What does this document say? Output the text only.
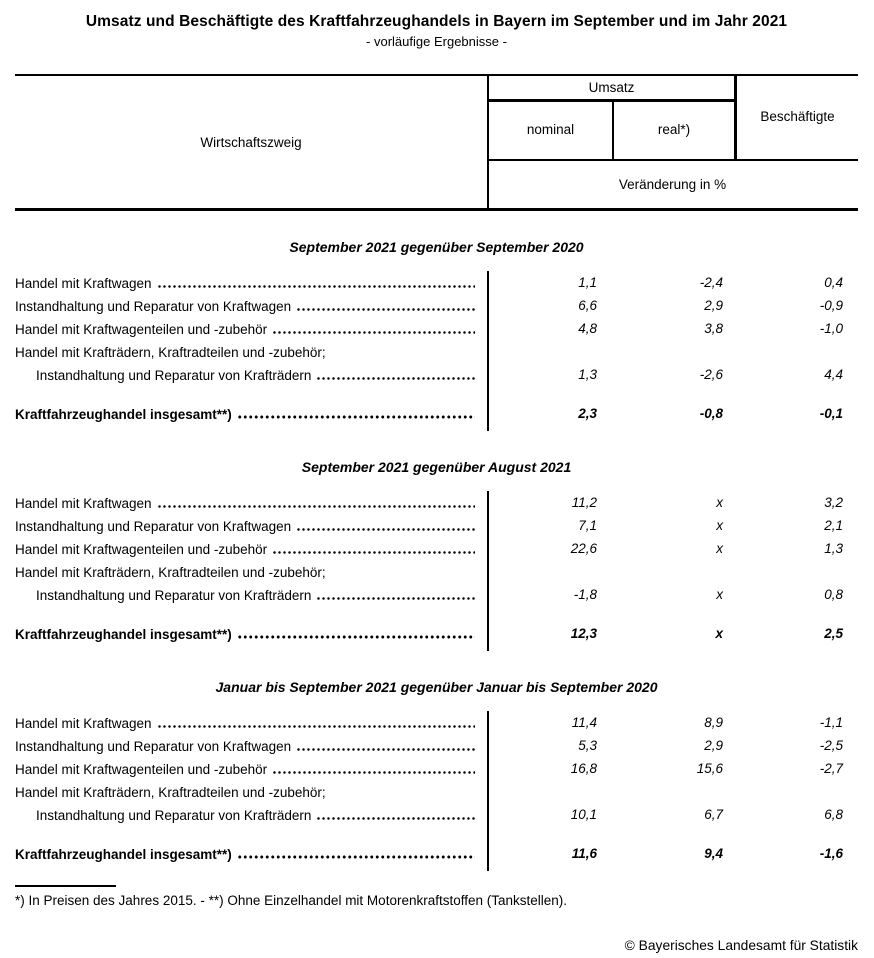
Umsatz und Beschäftigte des Kraftfahrzeughandels in Bayern im September und im Jahr 2021
- vorläufige Ergebnisse -
Wirtschaftszweig
Umsatz
nominal	real*)
Beschäftigte
Veränderung in %
September 2021 gegenüber September 2020
Handel mit Kraftwagen	1,1	-2,4	0,4
Instandhaltung und Reparatur von Kraftwagen	6,6	2,9	-0,9
Handel mit Kraftwagenteilen und -zubehör	4,8	3,8	-1,0
Handel mit Krafträdern, Kraftradteilen und -zubehör;
Instandhaltung und Reparatur von Krafträdern	1,3	-2,6	4,4
Kraftfahrzeughandel insgesamt**)	2,3	-0,8	-0,1
September 2021 gegenüber August 2021
Handel mit Kraftwagen	11,2	x	3,2
Instandhaltung und Reparatur von Kraftwagen	7,1	x	2,1
Handel mit Kraftwagenteilen und -zubehör	22,6	x	1,3
Handel mit Krafträdern, Kraftradteilen und -zubehör;
Instandhaltung und Reparatur von Krafträdern	-1,8	x	0,8
Kraftfahrzeughandel insgesamt**)	12,3	x	2,5
Januar bis September 2021 gegenüber Januar bis September 2020
Handel mit Kraftwagen	11,4	8,9	-1,1
Instandhaltung und Reparatur von Kraftwagen	5,3	2,9	-2,5
Handel mit Kraftwagenteilen und -zubehör	16,8	15,6	-2,7
Handel mit Krafträdern, Kraftradteilen und -zubehör;
Instandhaltung und Reparatur von Krafträdern	10,1	6,7	6,8
Kraftfahrzeughandel insgesamt**)	11,6	9,4	-1,6
*) In Preisen des Jahres 2015. - **) Ohne Einzelhandel mit Motorenkraftstoffen (Tankstellen).
© Bayerisches Landesamt für Statistik
